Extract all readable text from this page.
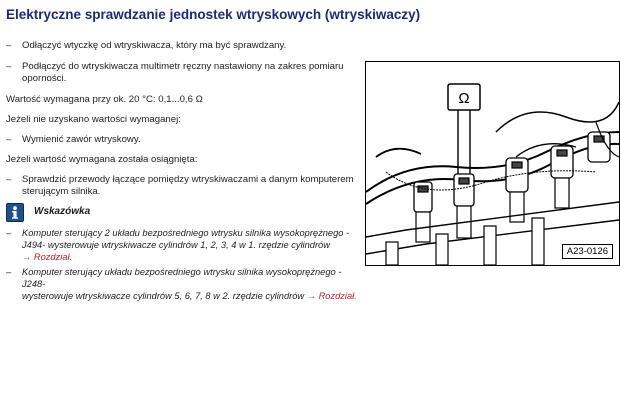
Elektryczne sprawdzanie jednostek wtryskowych (wtryskiwaczy)
– Odłączyć wtyczkę od wtryskiwacza, który ma być sprawdzany.
– Podłączyć do wtryskiwacza multimetr ręczny nastawiony na zakres pomiaru
oporności.
Wartość wymagana przy ok. 20 °C: 0,1...0,6 Ω
Jeżeli nie uzyskano wartości wymaganej:
– Wymienić zawór wtryskowy.
Jeżeli wartość wymagana została osiągnięta:
– Sprawdzić przewody łączące pomiędzy wtryskiwaczami a danym komputerem
sterującym silnika.
Wskazówka
– Komputer sterujący 2 układu bezpośredniego wtrysku silnika wysokoprężnego -
J494- wysterowuje wtryskiwacze cylindrów 1, 2, 3, 4 w 1. rzędzie cylindrów
→ Rozdział.
– Komputer sterujący układu bezpośredniego wtrysku silnika wysokoprężnego -J248-
wysterowuje wtryskiwacze cylindrów 5, 6, 7, 8 w 2. rzędzie cylindrów → Rozdział.
Ω
A23-0126
